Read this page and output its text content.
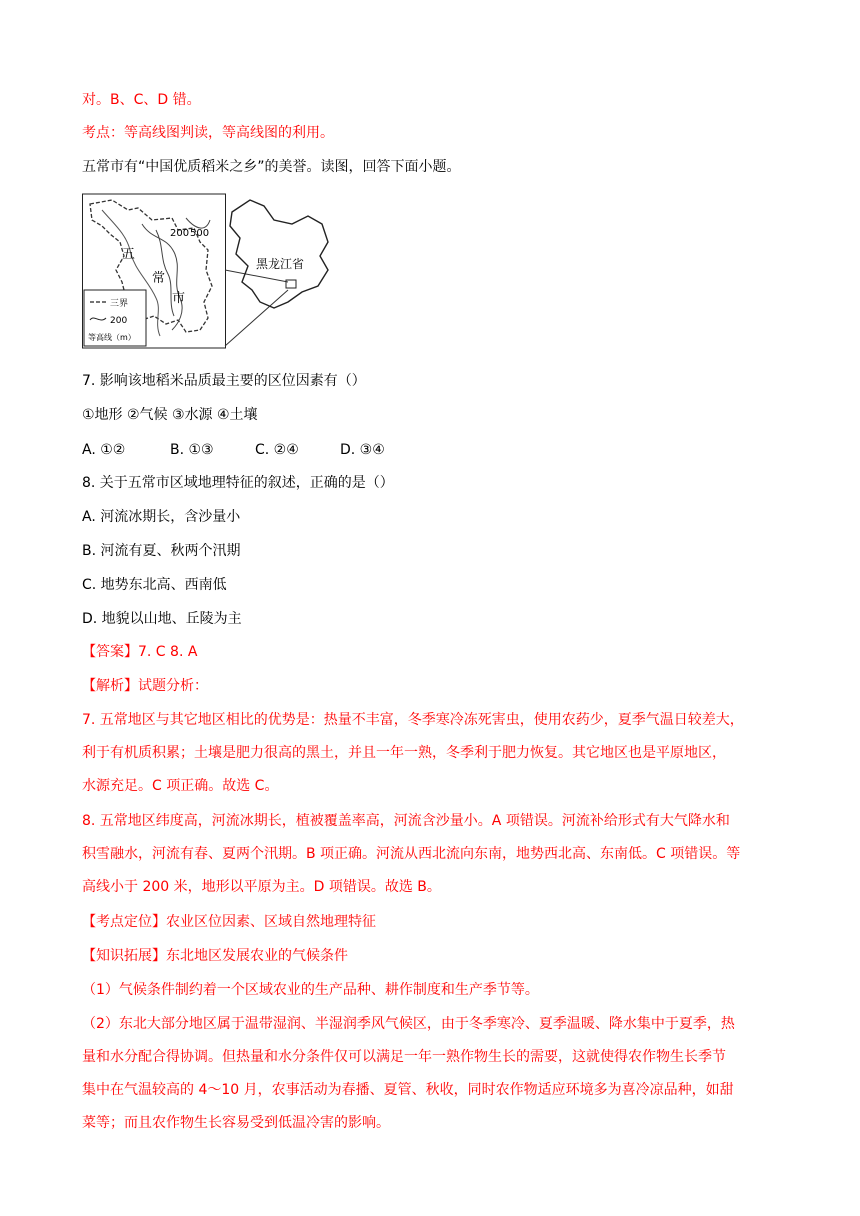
对。B、C、D 错。
考点：等高线图判读，等高线图的利用。
五常市有“中国优质稻米之乡”的美誉。读图，回答下面小题。
五
常
市
200 500
三界
200
等高线（m）
黑龙江省
7. 影响该地稻米品质最主要的区位因素有（）
①地形 ②气候 ③水源 ④土壤
A. ①②	B. ①③	C. ②④	D. ③④
8. 关于五常市区域地理特征的叙述，正确的是（）
A. 河流冰期长，含沙量小
B. 河流有夏、秋两个汛期
C. 地势东北高、西南低
D. 地貌以山地、丘陵为主
【答案】7. C 8. A
【解析】试题分析：
7. 五常地区与其它地区相比的优势是：热量不丰富，冬季寒冷冻死害虫，使用农药少，夏季气温日较差大，
利于有机质积累；土壤是肥力很高的黑土，并且一年一熟，冬季利于肥力恢复。其它地区也是平原地区，
水源充足。C 项正确。故选 C。
8. 五常地区纬度高，河流冰期长，植被覆盖率高，河流含沙量小。A 项错误。河流补给形式有大气降水和
积雪融水，河流有春、夏两个汛期。B 项正确。河流从西北流向东南，地势西北高、东南低。C 项错误。等
高线小于 200 米，地形以平原为主。D 项错误。故选 B。
【考点定位】农业区位因素、区域自然地理特征
【知识拓展】东北地区发展农业的气候条件
（1）气候条件制约着一个区域农业的生产品种、耕作制度和生产季节等。
（2）东北大部分地区属于温带湿润、半湿润季风气候区，由于冬季寒冷、夏季温暖、降水集中于夏季，热
量和水分配合得协调。但热量和水分条件仅可以满足一年一熟作物生长的需要，这就使得农作物生长季节
集中在气温较高的 4～10 月，农事活动为春播、夏管、秋收，同时农作物适应环境多为喜冷凉品种，如甜
菜等；而且农作物生长容易受到低温冷害的影响。
